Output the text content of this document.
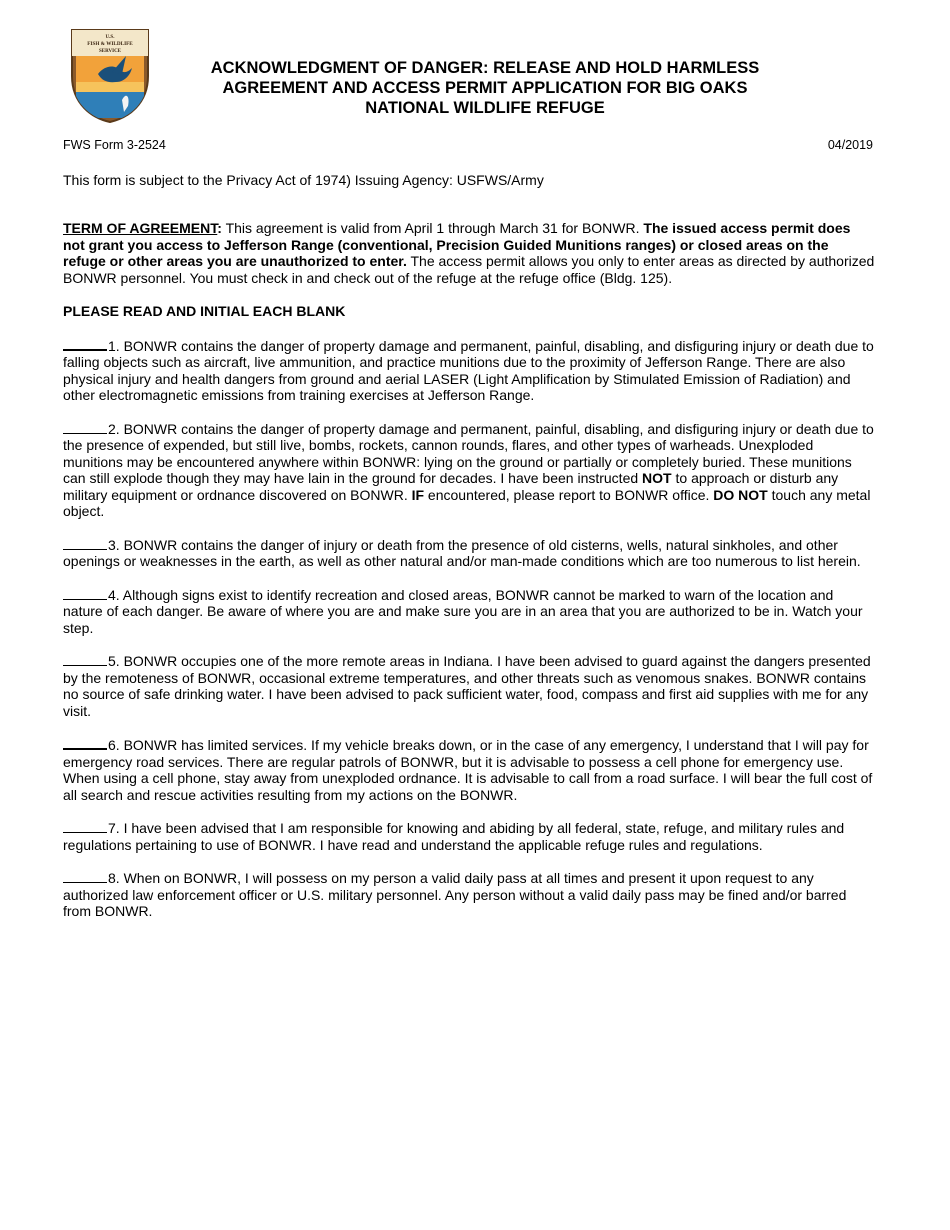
U.S.
FISH & WILDLIFE
SERVICE
ACKNOWLEDGMENT OF DANGER: RELEASE AND HOLD HARMLESS
AGREEMENT AND ACCESS PERMIT APPLICATION FOR BIG OAKS
NATIONAL WILDLIFE REFUGE
FWS Form 3-2524	04/2019
This form is subject to the Privacy Act of 1974) Issuing Agency: USFWS/Army

TERM OF AGREEMENT: This agreement is valid from April 1 through March 31 for BONWR. The issued access permit does not grant you access to Jefferson Range (conventional, Precision Guided Munitions ranges) or closed areas on the refuge or other areas you are unauthorized to enter. The access permit allows you only to enter areas as directed by authorized BONWR personnel. You must check in and check out of the refuge at the refuge office (Bldg. 125).

PLEASE READ AND INITIAL EACH BLANK

1. BONWR contains the danger of property damage and permanent, painful, disabling, and disfiguring injury or death due to falling objects such as aircraft, live ammunition, and practice munitions due to the proximity of Jefferson Range. There are also physical injury and health dangers from ground and aerial LASER (Light Amplification by Stimulated Emission of Radiation) and other electromagnetic emissions from training exercises at Jefferson Range.

2. BONWR contains the danger of property damage and permanent, painful, disabling, and disfiguring injury or death due to the presence of expended, but still live, bombs, rockets, cannon rounds, flares, and other types of warheads. Unexploded munitions may be encountered anywhere within BONWR: lying on the ground or partially or completely buried. These munitions can still explode though they may have lain in the ground for decades. I have been instructed NOT to approach or disturb any military equipment or ordnance discovered on BONWR. IF encountered, please report to BONWR office. DO NOT touch any metal object.

3. BONWR contains the danger of injury or death from the presence of old cisterns, wells, natural sinkholes, and other openings or weaknesses in the earth, as well as other natural and/or man-made conditions which are too numerous to list herein.

4. Although signs exist to identify recreation and closed areas, BONWR cannot be marked to warn of the location and nature of each danger. Be aware of where you are and make sure you are in an area that you are authorized to be in. Watch your step.

5. BONWR occupies one of the more remote areas in Indiana. I have been advised to guard against the dangers presented by the remoteness of BONWR, occasional extreme temperatures, and other threats such as venomous snakes. BONWR contains no source of safe drinking water. I have been advised to pack sufficient water, food, compass and first aid supplies with me for any visit.

6. BONWR has limited services. If my vehicle breaks down, or in the case of any emergency, I understand that I will pay for emergency road services. There are regular patrols of BONWR, but it is advisable to possess a cell phone for emergency use. When using a cell phone, stay away from unexploded ordnance. It is advisable to call from a road surface. I will bear the full cost of all search and rescue activities resulting from my actions on the BONWR.

7. I have been advised that I am responsible for knowing and abiding by all federal, state, refuge, and military rules and regulations pertaining to use of BONWR. I have read and understand the applicable refuge rules and regulations.

8. When on BONWR, I will possess on my person a valid daily pass at all times and present it upon request to any authorized law enforcement officer or U.S. military personnel. Any person without a valid daily pass may be fined and/or barred from BONWR.
